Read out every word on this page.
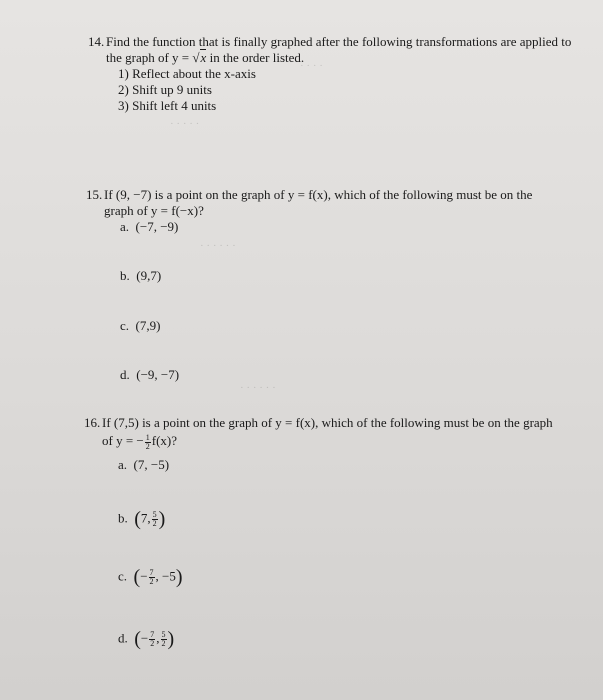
· · · ·
· · · · ·
· · · · · ·
· · · · · ·
14. Find the function that is finally graphed after the following transformations are applied to
the graph of y = √x in the order listed.
1) Reflect about the x-axis
2) Shift up 9 units
3) Shift left 4 units
15. If (9, −7) is a point on the graph of y = f(x), which of the following must be on the
graph of y = f(−x)?
a. (−7, −9)
b. (9,7)
c. (7,9)
d. (−9, −7)
16. If (7,5) is a point on the graph of y = f(x), which of the following must be on the graph
of y = − $\frac{1}{2} f(x)$?
a. (7, −5)
b. (7, $\frac{5}{2}$ )
c. (− $\frac{7}{2}$ , −5)
d. (− $\frac{7}{2}$ , $\frac{5}{2}$ )
